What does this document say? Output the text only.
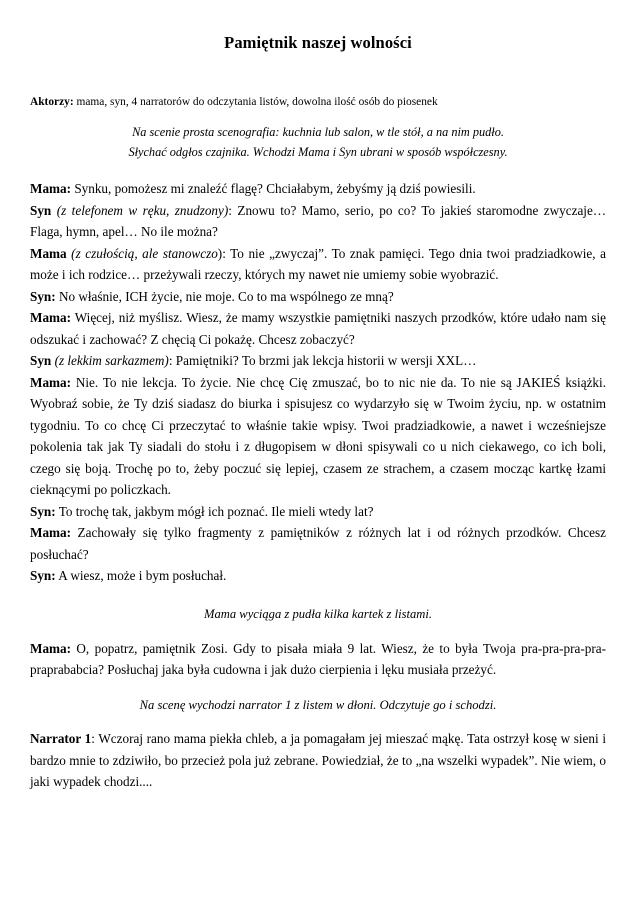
Pamiętnik naszej wolności

Aktorzy: mama, syn, 4 narratorów do odczytania listów, dowolna ilość osób do piosenek

Na scenie prosta scenografia: kuchnia lub salon, w tle stół, a na nim pudło.
Słychać odgłos czajnika. Wchodzi Mama i Syn ubrani w sposób współczesny.

Mama: Synku, pomożesz mi znaleźć flagę? Chciałabym, żebyśmy ją dziś powiesili.

Syn (z telefonem w ręku, znudzony): Znowu to? Mamo, serio, po co? To jakieś staromodne zwyczaje… Flaga, hymn, apel… No ile można?

Mama (z czułością, ale stanowczo): To nie „zwyczaj”. To znak pamięci. Tego dnia twoi pradziadkowie, a może i ich rodzice… przeżywali rzeczy, których my nawet nie umiemy sobie wyobrazić.

Syn: No właśnie, ICH życie, nie moje. Co to ma wspólnego ze mną?

Mama: Więcej, niż myślisz. Wiesz, że mamy wszystkie pamiętniki naszych przodków, które udało nam się odszukać i zachować? Z chęcią Ci pokażę. Chcesz zobaczyć?

Syn (z lekkim sarkazmem): Pamiętniki? To brzmi jak lekcja historii w wersji XXL…

Mama: Nie. To nie lekcja. To życie. Nie chcę Cię zmuszać, bo to nic nie da. To nie są JAKIEŚ książki. Wyobraź sobie, że Ty dziś siadasz do biurka i spisujesz co wydarzyło się w Twoim życiu, np. w ostatnim tygodniu. To co chcę Ci przeczytać to właśnie takie wpisy. Twoi pradziadkowie, a nawet i wcześniejsze pokolenia tak jak Ty siadali do stołu i z długopisem w dłoni spisywali co u nich ciekawego, co ich boli, czego się boją. Trochę po to, żeby poczuć się lepiej, czasem ze strachem, a czasem mocząc kartkę łzami cieknącymi po policzkach.

Syn: To trochę tak, jakbym mógł ich poznać. Ile mieli wtedy lat?

Mama: Zachowały się tylko fragmenty z pamiętników z różnych lat i od różnych przodków. Chcesz posłuchać?

Syn: A wiesz, może i bym posłuchał.

Mama wyciąga z pudła kilka kartek z listami.

Mama: O, popatrz, pamiętnik Zosi. Gdy to pisała miała 9 lat. Wiesz, że to była Twoja pra-pra-pra-pra-praprababcia? Posłuchaj jaka była cudowna i jak dużo cierpienia i lęku musiała przeżyć.

Na scenę wychodzi narrator 1 z listem w dłoni. Odczytuje go i schodzi.

Narrator 1: Wczoraj rano mama piekła chleb, a ja pomagałam jej mieszać mąkę. Tata ostrzył kosę w sieni i bardzo mnie to zdziwiło, bo przecież pola już zebrane. Powiedział, że to „na wszelki wypadek”. Nie wiem, o jaki wypadek chodzi....
